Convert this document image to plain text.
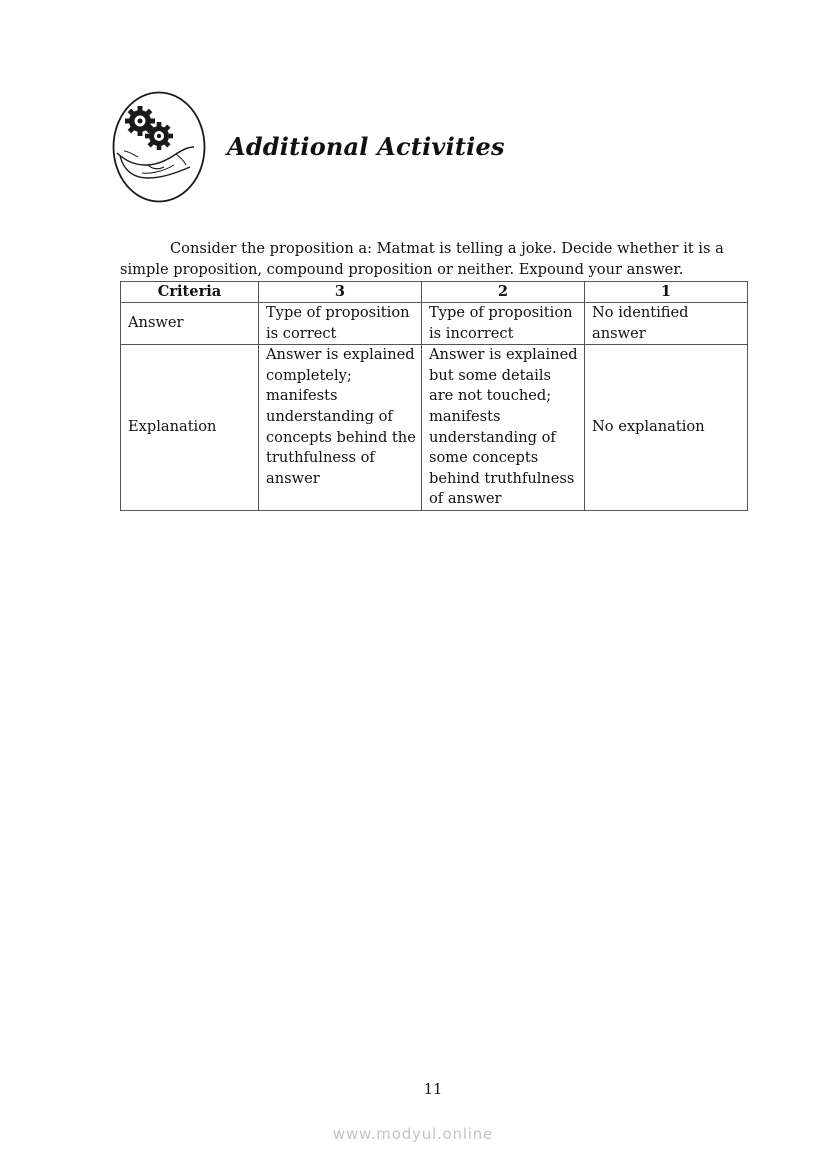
Additional Activities

Consider the proposition a: Matmat is telling a joke. Decide whether it is a simple proposition, compound proposition or neither. Expound your answer.

Criteria	3	2	1
Answer	Type of proposition is correct	Type of proposition is incorrect	No identified answer
Explanation	Answer is explained completely; manifests understanding of concepts behind the truthfulness of answer	Answer is explained but some details are not touched; manifests understanding of some concepts behind truthfulness of answer	No explanation
11
www.modyul.online
